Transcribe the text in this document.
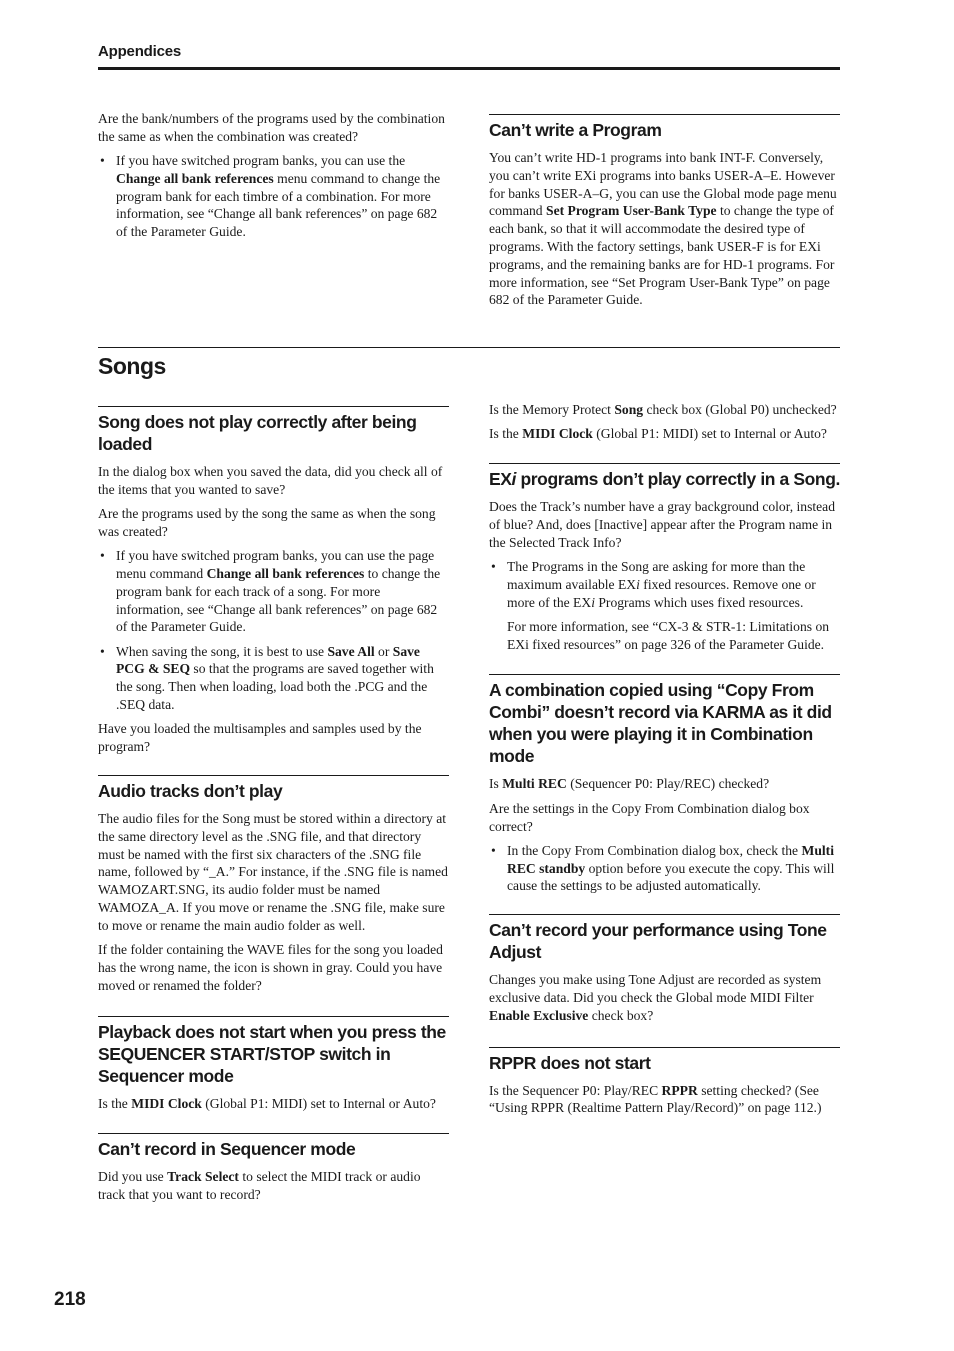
Appendices

Are the bank/numbers of the programs used by the combination the same as when the combination was created?

• If you have switched program banks, you can use the Change all bank references menu command to change the program bank for each timbre of a combination. For more information, see “Change all bank references” on page 682 of the Parameter Guide.
Can’t write a Program

You can’t write HD-1 programs into bank INT-F. Conversely, you can’t write EXi programs into banks USER-A–E. However for banks USER-A–G, you can use the Global mode page menu command Set Program User-Bank Type to change the type of each bank, so that it will accommodate the desired type of programs. With the factory settings, bank USER-F is for EXi programs, and the remaining banks are for HD-1 programs. For more information, see “Set Program User-Bank Type” on page 682 of the Parameter Guide.

Songs
Song does not play correctly after being loaded

In the dialog box when you saved the data, did you check all of the items that you wanted to save?

Are the programs used by the song the same as when the song was created?

• If you have switched program banks, you can use the page menu command Change all bank references to change the program bank for each track of a song. For more information, see “Change all bank references” on page 682 of the Parameter Guide.
• When saving the song, it is best to use Save All or Save PCG & SEQ so that the programs are saved together with the song. Then when loading, load both the .PCG and the .SEQ data.

Have you loaded the multisamples and samples used by the program?

Audio tracks don’t play

The audio files for the Song must be stored within a directory at the same directory level as the .SNG file, and that directory must be named with the first six characters of the .SNG file name, followed by “_A.” For instance, if the .SNG file is named WAMOZART.SNG, its audio folder must be named WAMOZA_A. If you move or rename the .SNG file, make sure to move or rename the main audio folder as well.

If the folder containing the WAVE files for the song you loaded has the wrong name, the icon is shown in gray. Could you have moved or renamed the folder?

Playback does not start when you press the SEQUENCER START/STOP switch in Sequencer mode

Is the MIDI Clock (Global P1: MIDI) set to Internal or Auto?

Can’t record in Sequencer mode

Did you use Track Select to select the MIDI track or audio track that you want to record?

Is the Memory Protect Song check box (Global P0) unchecked?

Is the MIDI Clock (Global P1: MIDI) set to Internal or Auto?

EXi programs don’t play correctly in a Song.

Does the Track’s number have a gray background color, instead of blue? And, does [Inactive] appear after the Program name in the Selected Track Info?

• The Programs in the Song are asking for more than the maximum available EXi fixed resources. Remove one or more of the EXi Programs which uses fixed resources.

For more information, see “CX-3 & STR-1: Limitations on EXi fixed resources” on page 326 of the Parameter Guide.

A combination copied using “Copy From Combi” doesn’t record via KARMA as it did when you were playing it in Combination mode

Is Multi REC (Sequencer P0: Play/REC) checked?

Are the settings in the Copy From Combination dialog box correct?

• In the Copy From Combination dialog box, check the Multi REC standby option before you execute the copy. This will cause the settings to be adjusted automatically.
Can’t record your performance using Tone Adjust

Changes you make using Tone Adjust are recorded as system exclusive data. Did you check the Global mode MIDI Filter Enable Exclusive check box?

RPPR does not start

Is the Sequencer P0: Play/REC RPPR setting checked? (See “Using RPPR (Realtime Pattern Play/Record)” on page 112.)

218
